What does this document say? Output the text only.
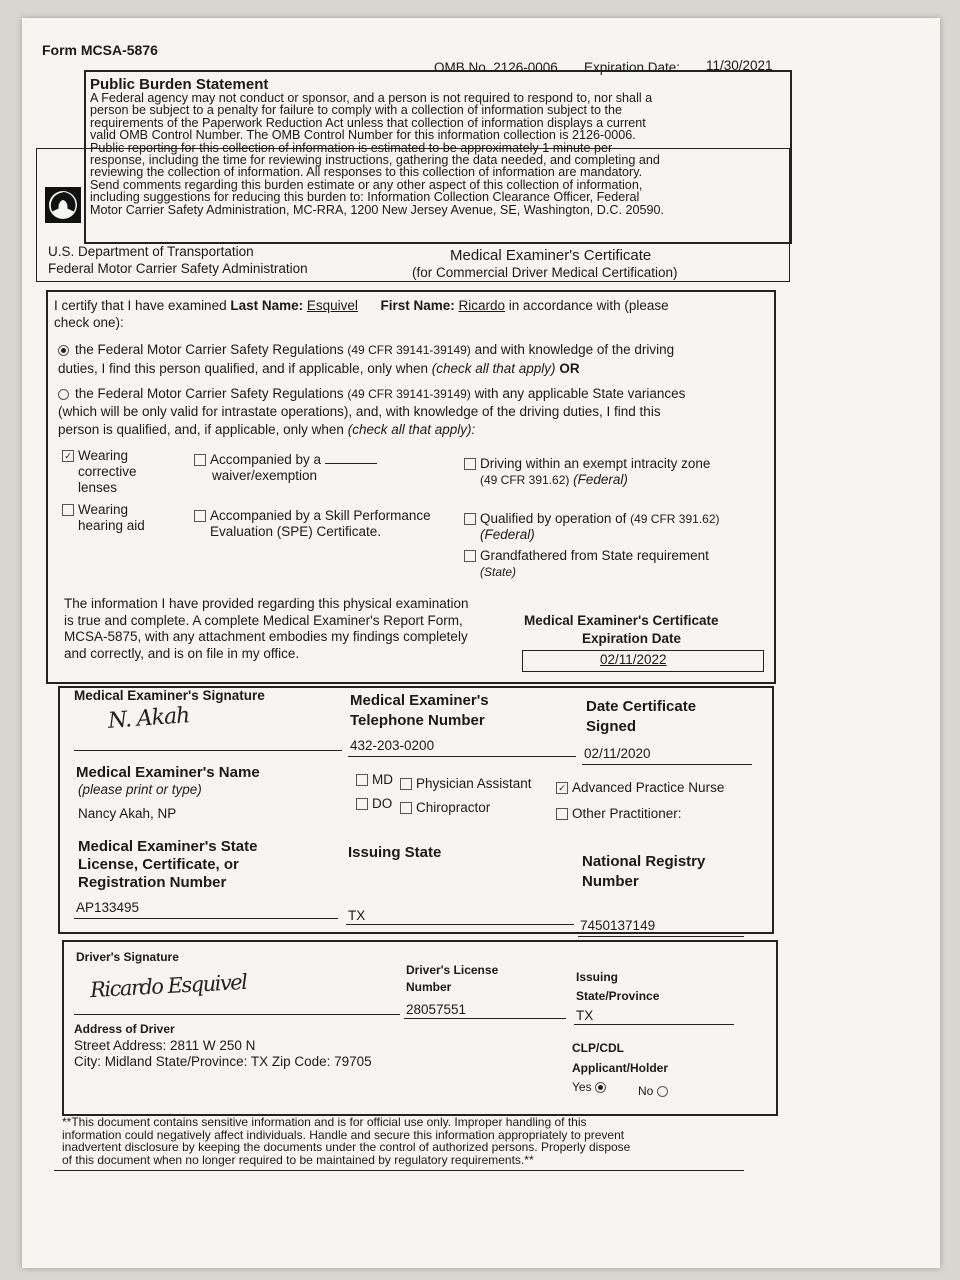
Form MCSA-5876
OMB No. 2126-0006 Expiration Date: 11/30/2021
Public Burden Statement
A Federal agency may not conduct or sponsor, and a person is not required to respond to, nor shall a
person be subject to a penalty for failure to comply with a collection of information subject to the
requirements of the Paperwork Reduction Act unless that collection of information displays a current
valid OMB Control Number. The OMB Control Number for this information collection is 2126-0006.
Public reporting for this collection of information is estimated to be approximately 1 minute per
response, including the time for reviewing instructions, gathering the data needed, and completing and
reviewing the collection of information. All responses to this collection of information are mandatory.
Send comments regarding this burden estimate or any other aspect of this collection of information,
including suggestions for reducing this burden to: Information Collection Clearance Officer, Federal
Motor Carrier Safety Administration, MC-RRA, 1200 New Jersey Avenue, SE, Washington, D.C. 20590.
U.S. Department of Transportation
Federal Motor Carrier Safety Administration
Medical Examiner's Certificate
(for Commercial Driver Medical Certification)
I certify that I have examined Last Name: Esquivel First Name: Ricardo in accordance with (please
check one):
the Federal Motor Carrier Safety Regulations (49 CFR 39141-39149) and with knowledge of the driving
duties, I find this person qualified, and if applicable, only when (check all that apply) OR
the Federal Motor Carrier Safety Regulations (49 CFR 39141-39149) with any applicable State variances
(which will be only valid for intrastate operations), and, with knowledge of the driving duties, I find this
person is qualified, and, if applicable, only when (check all that apply):
✓ Wearing
corrective
lenses
Wearing
hearing aid
Accompanied by a
waiver/exemption
Accompanied by a Skill Performance
Evaluation (SPE) Certificate.
Driving within an exempt intracity zone
(49 CFR 391.62) (Federal)
Qualified by operation of (49 CFR 391.62)
(Federal)
Grandfathered from State requirement
(State)
The information I have provided regarding this physical examination
is true and complete. A complete Medical Examiner's Report Form,
MCSA-5875, with any attachment embodies my findings completely
and correctly, and is on file in my office.
Medical Examiner's Certificate
Expiration Date
02/11/2022
Medical Examiner's Signature
N. Akah
Medical Examiner's
Telephone Number
432-203-0200
Date Certificate
Signed
02/11/2020
Medical Examiner's Name
(please print or type)
Nancy Akah, NP
MD	Physician Assistant	✓ Advanced Practice Nurse
DO	Chiropractor	Other Practitioner:
Medical Examiner's State
License, Certificate, or
Registration Number
AP133495
Issuing State
TX
National Registry
Number
7450137149
Driver's Signature
Ricardo Esquivel	Driver's License
Number
28057551
Issuing
State/Province
TX
Address of Driver
Street Address: 2811 W 250 N
City: Midland State/Province: TX Zip Code: 79705
CLP/CDL
Applicant/Holder
Yes	No
**This document contains sensitive information and is for official use only. Improper handling of this
information could negatively affect individuals. Handle and secure this information appropriately to prevent
inadvertent disclosure by keeping the documents under the control of authorized persons. Properly dispose
of this document when no longer required to be maintained by regulatory requirements.**
